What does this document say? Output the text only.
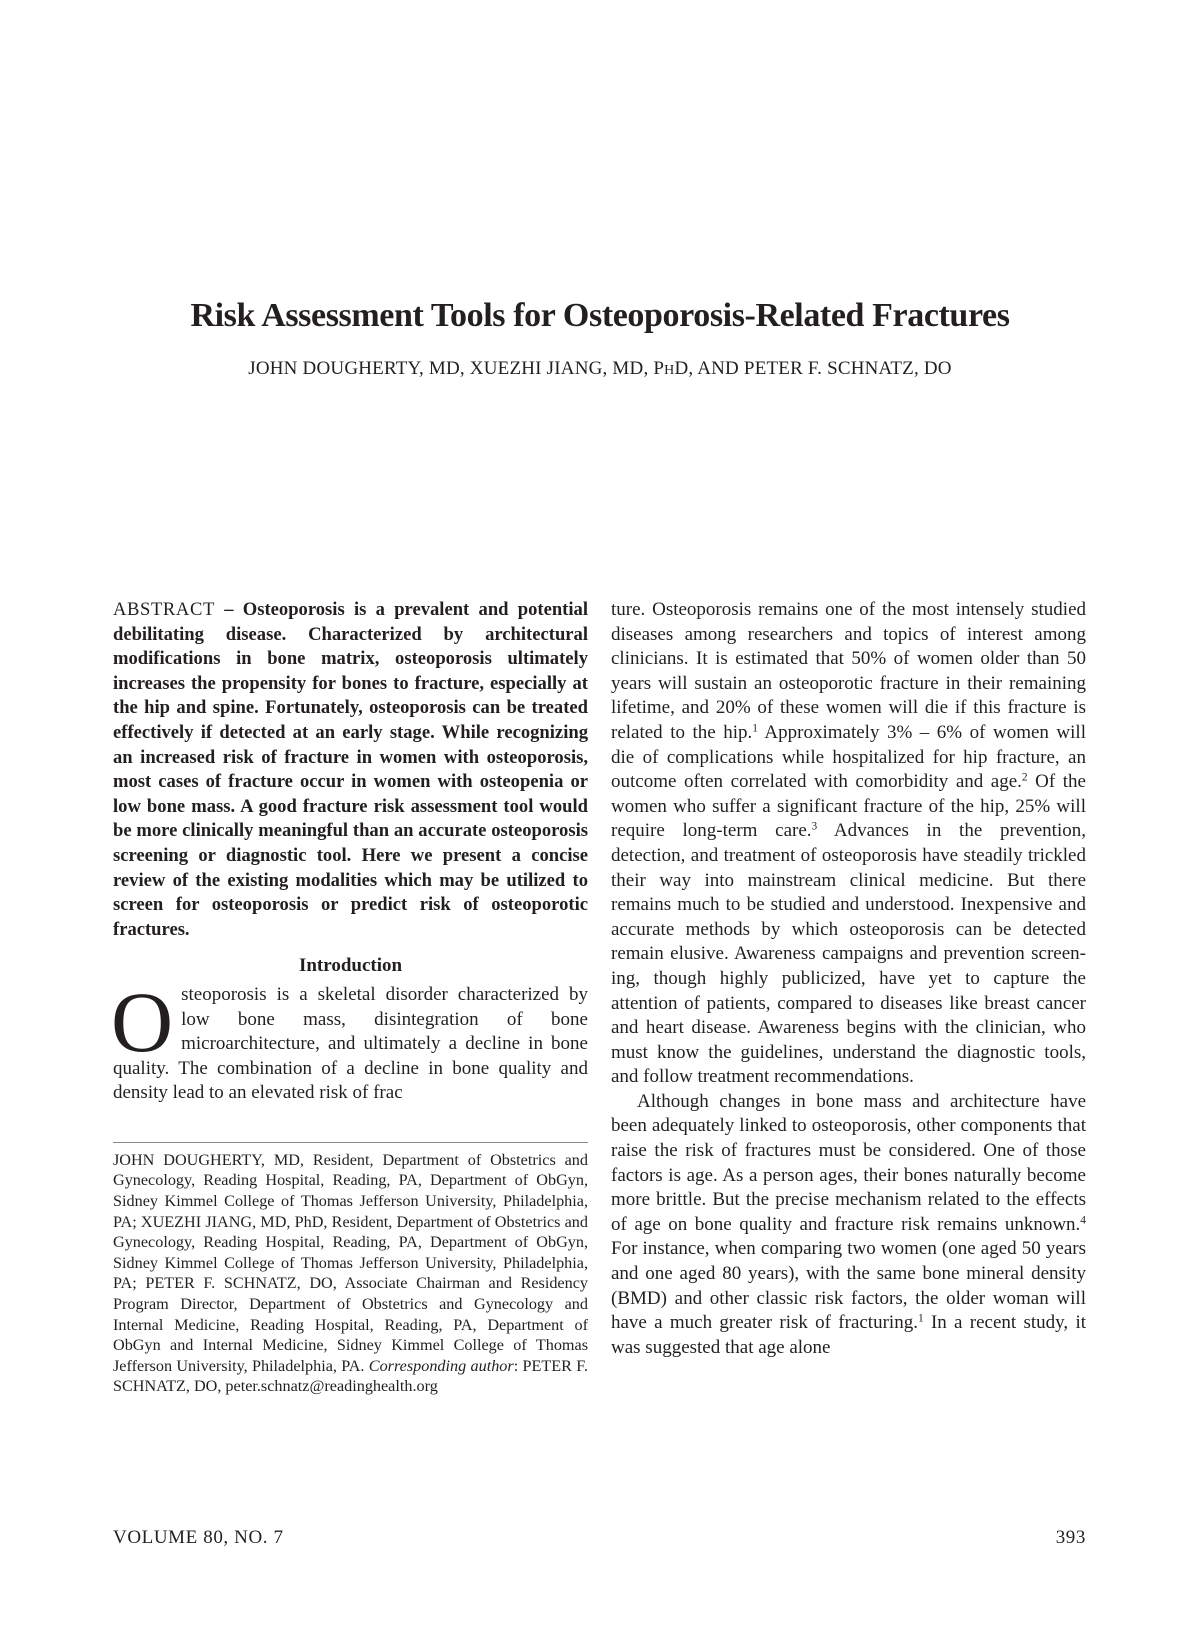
Risk Assessment Tools for Osteoporosis-Related Fractures

JOHN DOUGHERTY, MD, XUEZHI JIANG, MD, PHD, AND PETER F. SCHNATZ, DO

ABSTRACT – Osteoporosis is a prevalent and potential debilitating disease. Characterized by architectural modifications in bone matrix, osteoporosis ultimately increases the propensity for bones to fracture, especially at the hip and spine. Fortunately, osteoporosis can be treated effectively if detected at an early stage. While recognizing an increased risk of fracture in women with osteoporosis, most cases of fracture occur in women with osteopenia or low bone mass. A good fracture risk assessment tool would be more clinically meaningful than an accurate osteoporosis screening or diagnostic tool. Here we present a concise review of the existing modalities which may be utilized to screen for osteoporosis or predict risk of osteoporotic fractures.

Introduction

Osteoporosis is a skeletal disorder characterized by low bone mass, disintegration of bone microarchitecture, and ultimately a decline in bone quality. The combination of a decline in bone quality and density lead to an elevated risk of frac

JOHN DOUGHERTY, MD, Resident, Department of Obstetrics and Gynecology, Reading Hospital, Reading, PA, Department of ObGyn, Sidney Kimmel College of Thomas Jefferson University, Philadelphia, PA; XUEZHI JIANG, MD, PhD, Resident, Department of Obstetrics and Gynecology, Reading Hospital, Reading, PA, Department of ObGyn, Sidney Kimmel College of Thomas Jefferson University, Philadelphia, PA; PETER F. SCHNATZ, DO, Associate Chairman and Residency Program Director, Department of Obstetrics and Gynecology and Internal Medicine, Reading Hospital, Reading, PA, Department of ObGyn and Internal Medicine, Sidney Kimmel College of Thomas Jefferson University, Philadelphia, PA. Corresponding author: PETER F. SCHNATZ, DO, peter.schnatz@readinghealth.org

ture. Osteoporosis remains one of the most intensely studied diseases among researchers and topics of interest among clinicians. It is estimated that 50% of women older than 50 years will sustain an osteoporotic fracture in their remaining lifetime, and 20% of these women will die if this fracture is related to the hip.$^1$ Approximately 3% – 6% of women will die of complications while hospitalized for hip fracture, an outcome often correlated with comorbidity and age.$^2$ Of the women who suffer a significant fracture of the hip, 25% will require long-term care.$^3$ Advances in the prevention, detection, and treatment of osteoporosis have steadily trickled their way into mainstream clinical medicine. But there remains much to be studied and understood. Inexpensive and accurate methods by which osteoporosis can be detected remain elusive. Awareness campaigns and prevention screening, though highly publicized, have yet to capture the attention of patients, compared to diseases like breast cancer and heart disease. Awareness begins with the clinician, who must know the guidelines, understand the diagnostic tools, and follow treatment recommendations.

Although changes in bone mass and architecture have been adequately linked to osteoporosis, other components that raise the risk of fractures must be considered. One of those factors is age. As a person ages, their bones naturally become more brittle. But the precise mechanism related to the effects of age on bone quality and fracture risk remains unknown.$^4$ For instance, when comparing two women (one aged 50 years and one aged 80 years), with the same bone mineral density (BMD) and other classic risk factors, the older woman will have a much greater risk of fracturing.$^1$ In a recent study, it was suggested that age alone

VOLUME 80, NO. 7	393
